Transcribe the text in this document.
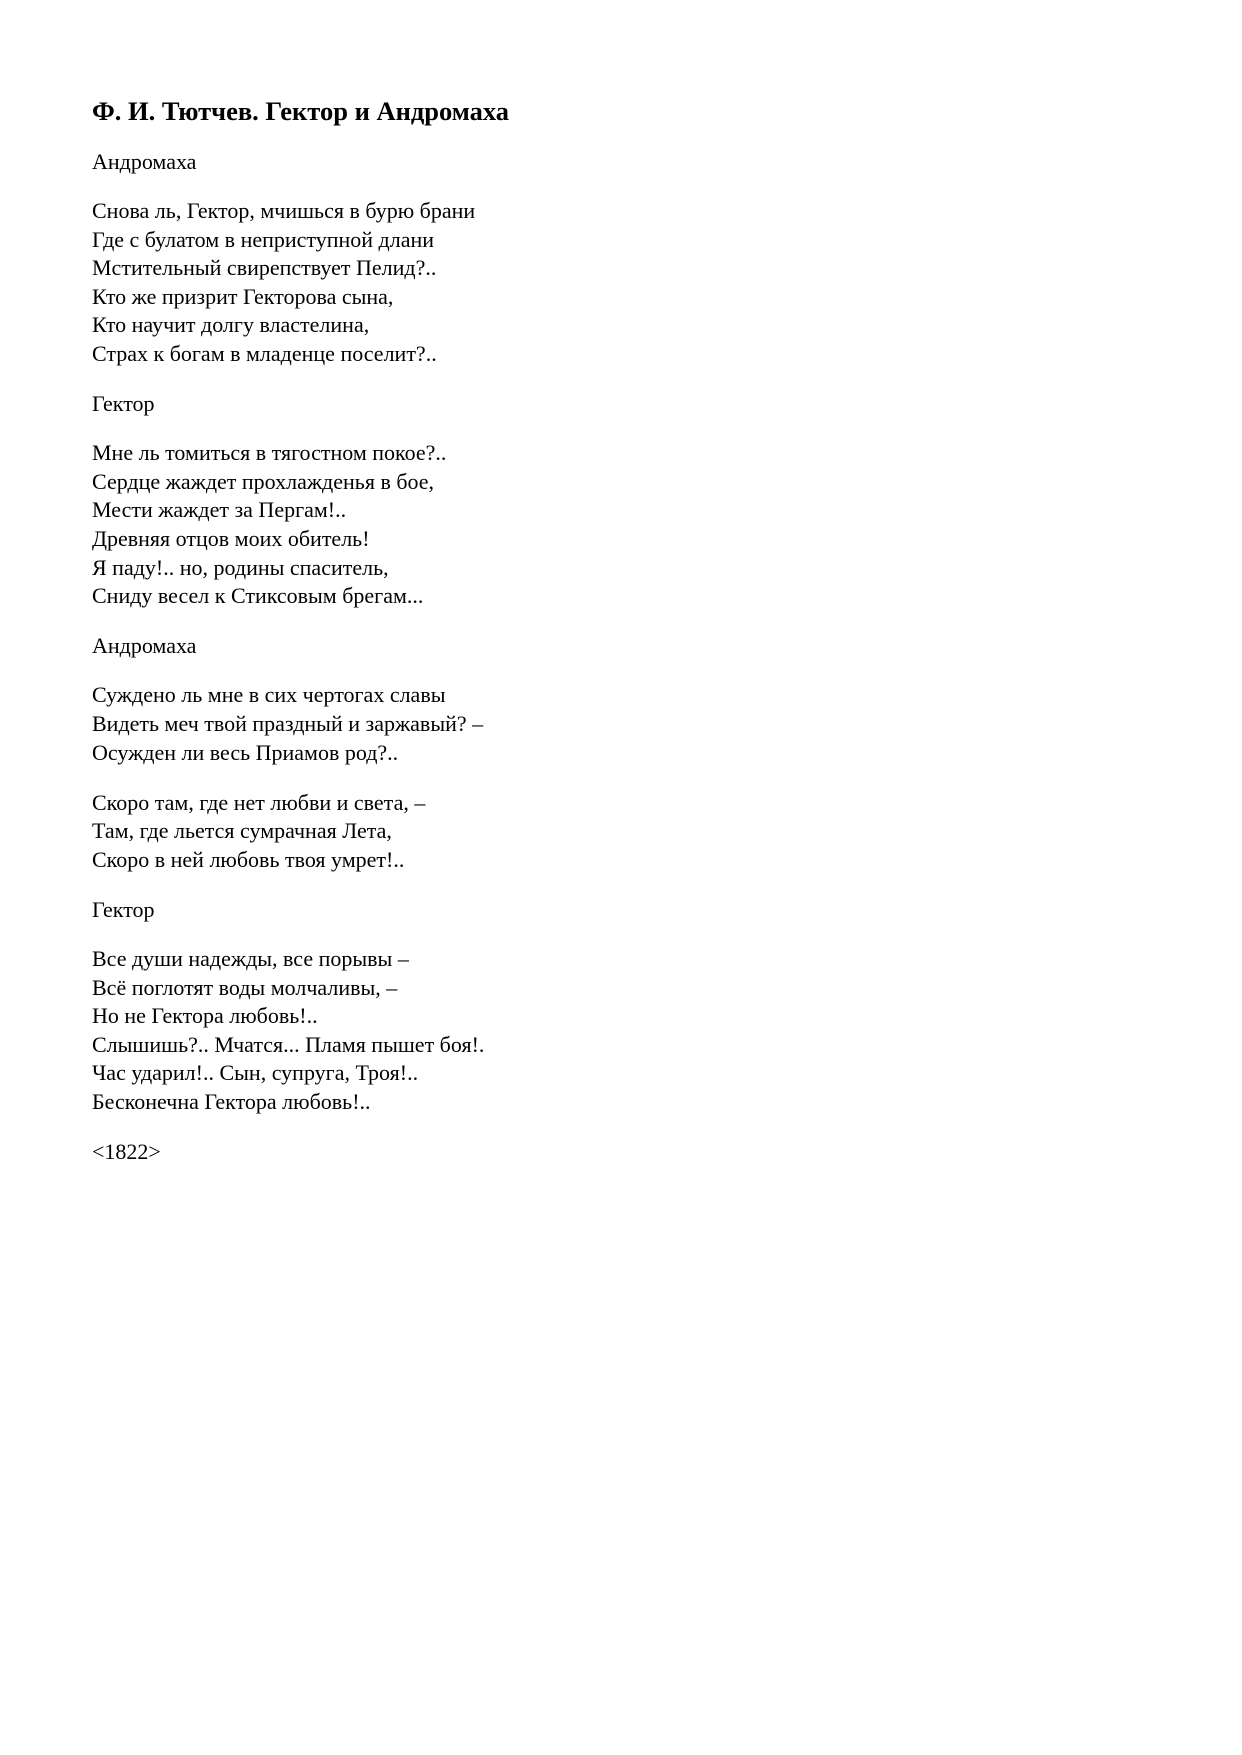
Ф. И. Тютчев. Гектор и Андромаха

Андромаха

Снова ль, Гектор, мчишься в бурю брани
Где с булатом в неприступной длани
Мстительный свирепствует Пелид?..
Кто же призрит Гекторова сына,
Кто научит долгу властелина,
Страх к богам в младенце поселит?..

Гектор

Мне ль томиться в тягостном покое?..
Сердце жаждет прохлажденья в бое,
Мести жаждет за Пергам!..
Древняя отцов моих обитель!
Я паду!.. но, родины спаситель,
Сниду весел к Стиксовым брегам...

Андромаха

Суждено ль мне в сих чертогах славы
Видеть меч твой праздный и заржавый? –
Осужден ли весь Приамов род?..
Скоро там, где нет любви и света, –
Там, где льется сумрачная Лета,
Скоро в ней любовь твоя умрет!..

Гектор

Все души надежды, все порывы –
Всё поглотят воды молчаливы, –
Но не Гектора любовь!..
Слышишь?.. Мчатся... Пламя пышет боя!.
Час ударил!.. Сын, супруга, Троя!..
Бесконечна Гектора любовь!..

<1822>
